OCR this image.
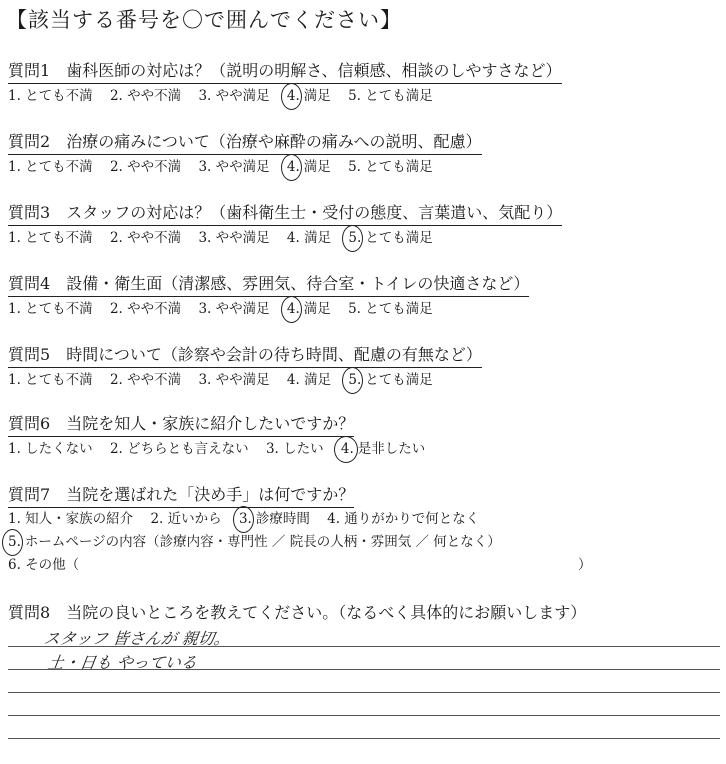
【該当する番号を〇で囲んでください】
質問1 歯科医師の対応は？（説明の明解さ、信頼感、相談のしやすさなど）
1. とても不満 2. やや不満 3. やや満足 4. 満足 5. とても満足
質問2 治療の痛みについて（治療や麻酔の痛みへの説明、配慮）
1. とても不満 2. やや不満 3. やや満足 4. 満足 5. とても満足
質問3 スタッフの対応は？（歯科衛生士・受付の態度、言葉遣い、気配り）
1. とても不満 2. やや不満 3. やや満足 4. 満足 5. とても満足
質問4 設備・衛生面（清潔感、雰囲気、待合室・トイレの快適さなど）
1. とても不満 2. やや不満 3. やや満足 4. 満足 5. とても満足
質問5 時間について（診察や会計の待ち時間、配慮の有無など）
1. とても不満 2. やや不満 3. やや満足 4. 満足 5. とても満足
質問6 当院を知人・家族に紹介したいですか？
1. したくない 2. どちらとも言えない 3. したい 4. 是非したい
質問7 当院を選ばれた「決め手」は何ですか？
1. 知人・家族の紹介 2. 近いから 3. 診療時間 4. 通りがかりで何となく
5. ホームページの内容（診療内容・専門性 ／ 院長の人柄・雰囲気 ／ 何となく）
6. その他（	）
質問8 当院の良いところを教えてください。（なるべく具体的にお願いします）
スタッフ 皆さんが 親切。
土・日も やっている
